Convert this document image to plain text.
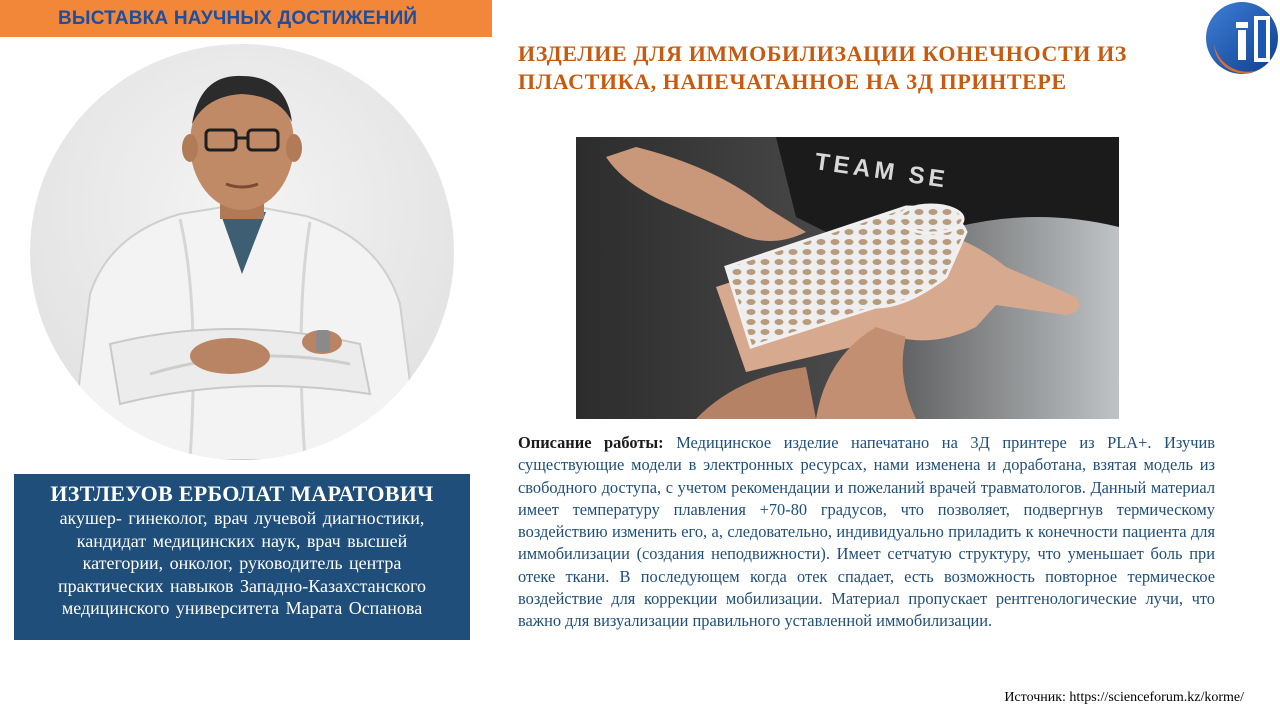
ВЫСТАВКА НАУЧНЫХ ДОСТИЖЕНИЙ
ИЗТЛЕУОВ ЕРБОЛАТ МАРАТОВИЧ
акушер- гинеколог, врач лучевой диагностики,
кандидат медицинских наук, врач высшей
категории, онколог, руководитель центра
практических навыков Западно-Казахстанского
медицинского университета Марата Оспанова
ИЗДЕЛИЕ ДЛЯ ИММОБИЛИЗАЦИИ КОНЕЧНОСТИ ИЗ
ПЛАСТИКА, НАПЕЧАТАННОЕ НА 3Д ПРИНТЕРЕ
TEAM SE
Описание работы: Медицинское изделие напечатано на 3Д принтере из PLA+. Изучив существующие модели в электронных ресурсах, нами изменена и доработана, взятая модель из свободного доступа, с учетом рекомендации и пожеланий врачей травматологов. Данный материал имеет температуру плавления +70-80 градусов, что позволяет, подвергнув термическому воздействию изменить его, а, следовательно, индивидуально приладить к конечности пациента для иммобилизации (создания неподвижности). Имеет сетчатую структуру, что уменьшает боль при отеке ткани. В последующем когда отек спадает, есть возможность повторное термическое воздействие для коррекции мобилизации. Материал пропускает рентгенологические лучи, что важно для визуализации правильного уставленной иммобилизации.
Источник: https://scienceforum.kz/korme/
